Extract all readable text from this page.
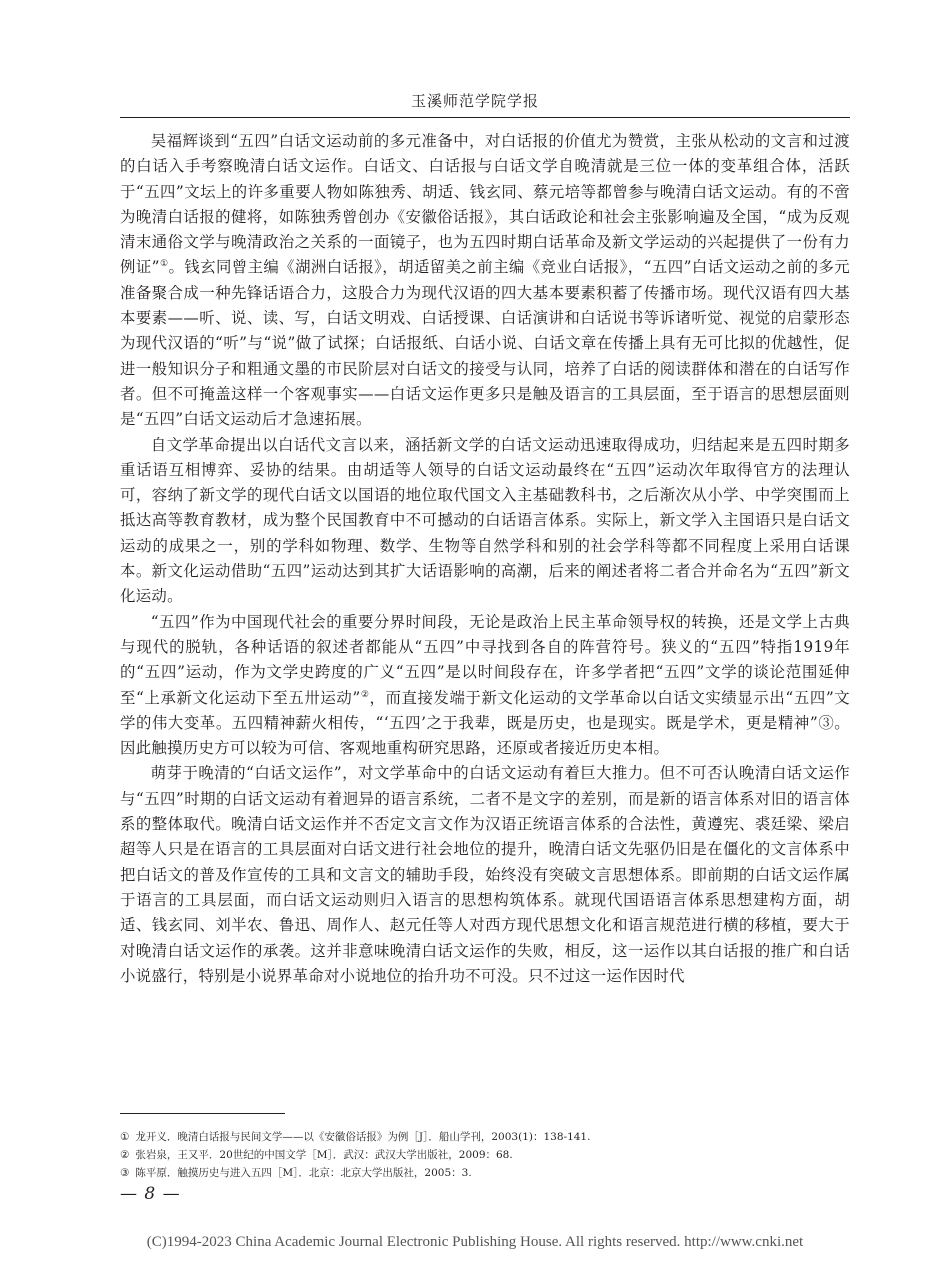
玉溪师范学院学报

吴福辉谈到“五四”白话文运动前的多元准备中，对白话报的价值尤为赞赏，主张从松动的文言和过渡的白话入手考察晚清白话文运作。白话文、白话报与白话文学自晚清就是三位一体的变革组合体，活跃于“五四”文坛上的许多重要人物如陈独秀、胡适、钱玄同、蔡元培等都曾参与晚清白话文运动。有的不啻为晚清白话报的健将，如陈独秀曾创办《安徽俗话报》，其白话政论和社会主张影响遍及全国，“成为反观清末通俗文学与晚清政治之关系的一面镜子，也为五四时期白话革命及新文学运动的兴起提供了一份有力例证”①。钱玄同曾主编《湖洲白话报》，胡适留美之前主编《竞业白话报》，“五四”白话文运动之前的多元准备聚合成一种先锋话语合力，这股合力为现代汉语的四大基本要素积蓄了传播市场。现代汉语有四大基本要素——听、说、读、写，白话文明戏、白话授课、白话演讲和白话说书等诉诸听觉、视觉的启蒙形态为现代汉语的“听”与“说”做了试探；白话报纸、白话小说、白话文章在传播上具有无可比拟的优越性，促进一般知识分子和粗通文墨的市民阶层对白话文的接受与认同，培养了白话的阅读群体和潜在的白话写作者。但不可掩盖这样一个客观事实——白话文运作更多只是触及语言的工具层面，至于语言的思想层面则是“五四”白话文运动后才急速拓展。

自文学革命提出以白话代文言以来，涵括新文学的白话文运动迅速取得成功，归结起来是五四时期多重话语互相博弈、妥协的结果。由胡适等人领导的白话文运动最终在“五四”运动次年取得官方的法理认可，容纳了新文学的现代白话文以国语的地位取代国文入主基础教科书，之后渐次从小学、中学突围而上抵达高等教育教材，成为整个民国教育中不可撼动的白话语言体系。实际上，新文学入主国语只是白话文运动的成果之一，别的学科如物理、数学、生物等自然学科和别的社会学科等都不同程度上采用白话课本。新文化运动借助“五四”运动达到其扩大话语影响的高潮，后来的阐述者将二者合并命名为“五四”新文化运动。

“五四”作为中国现代社会的重要分界时间段，无论是政治上民主革命领导权的转换，还是文学上古典与现代的脱轨，各种话语的叙述者都能从“五四”中寻找到各自的阵营符号。狭义的“五四”特指1919年的“五四”运动，作为文学史跨度的广义“五四”是以时间段存在，许多学者把“五四”文学的谈论范围延伸至“上承新文化运动下至五卅运动”②，而直接发端于新文化运动的文学革命以白话文实绩显示出“五四”文学的伟大变革。五四精神薪火相传，“‘五四’之于我辈，既是历史，也是现实。既是学术，更是精神”③。因此触摸历史方可以较为可信、客观地重构研究思路，还原或者接近历史本相。

萌芽于晚清的“白话文运作”，对文学革命中的白话文运动有着巨大推力。但不可否认晚清白话文运作与“五四”时期的白话文运动有着迥异的语言系统，二者不是文字的差别，而是新的语言体系对旧的语言体系的整体取代。晚清白话文运作并不否定文言文作为汉语正统语言体系的合法性，黄遵宪、裘廷梁、梁启超等人只是在语言的工具层面对白话文进行社会地位的提升，晚清白话文先驱仍旧是在僵化的文言体系中把白话文的普及作宣传的工具和文言文的辅助手段，始终没有突破文言思想体系。即前期的白话文运作属于语言的工具层面，而白话文运动则归入语言的思想构筑体系。就现代国语语言体系思想建构方面，胡适、钱玄同、刘半农、鲁迅、周作人、赵元任等人对西方现代思想文化和语言规范进行横的移植，要大于对晚清白话文运作的承袭。这并非意味晚清白话文运作的失败，相反，这一运作以其白话报的推广和白话小说盛行，特别是小说界革命对小说地位的抬升功不可没。只不过这一运作因时代

① 龙开义．晚清白话报与民间文学——以《安徽俗话报》为例［J］．船山学刊，2003(1)：138-141.
② 张岩泉，王又平．20世纪的中国文学［M］．武汉：武汉大学出版社，2009：68.
③ 陈平原．触摸历史与进入五四［M］．北京：北京大学出版社，2005：3.
— 8 —
(C)1994-2023 China Academic Journal Electronic Publishing House. All rights reserved. http://www.cnki.net
